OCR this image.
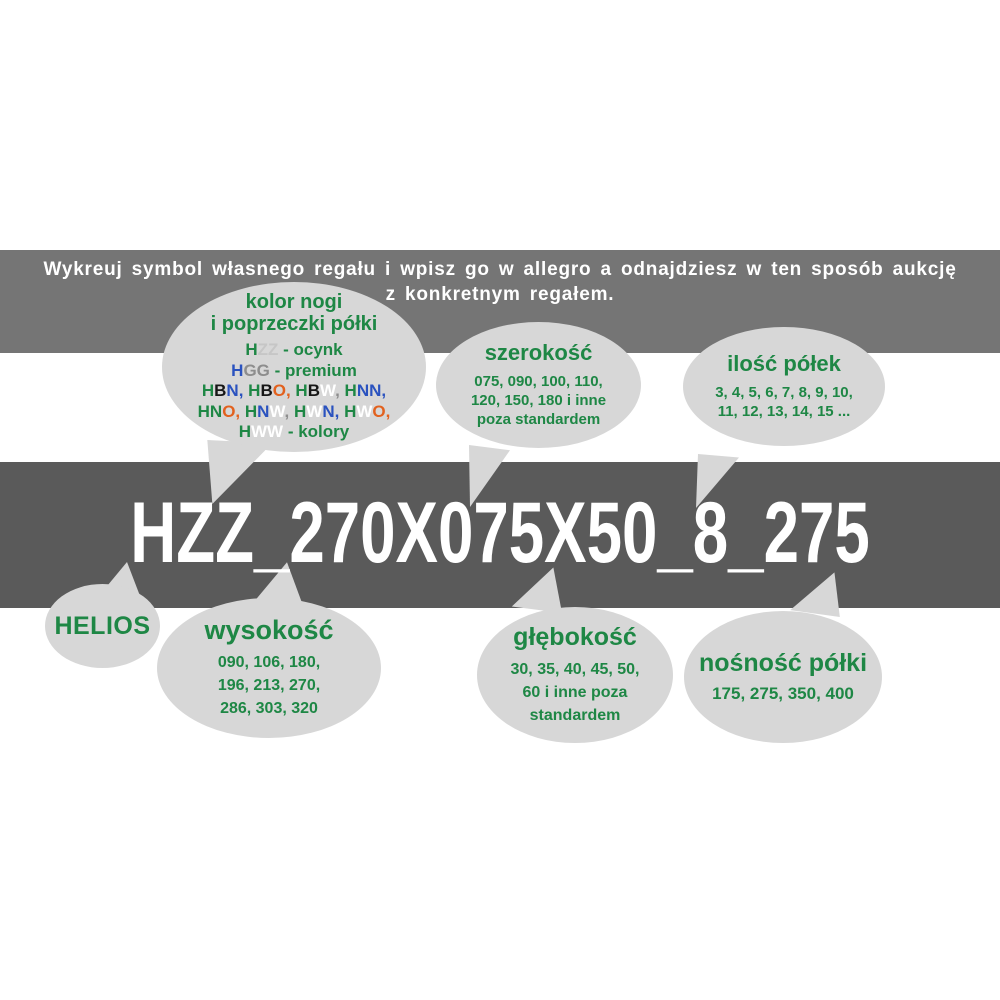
Wykreuj symbol własnego regału i wpisz go w allegro a odnajdziesz w ten sposób aukcję z konkretnym regałem.
HZZ_270X075X50_8_275
kolor nogi
i poprzeczki półki
HZZ - ocynk
HGG - premium
HBN, HBO, HBW, HNN,
HNO, HNW, HWN, HWO,
HWW - kolory
szerokość
075, 090, 100, 110,
120, 150, 180 i inne
poza standardem
ilość półek
3, 4, 5, 6, 7, 8, 9, 10,
11, 12, 13, 14, 15 ...
HELIOS wysokość
090, 106, 180,
196, 213, 270,
286, 303, 320
głębokość
30, 35, 40, 45, 50,
60 i inne poza
standardem
nośność półki
175, 275, 350, 400
